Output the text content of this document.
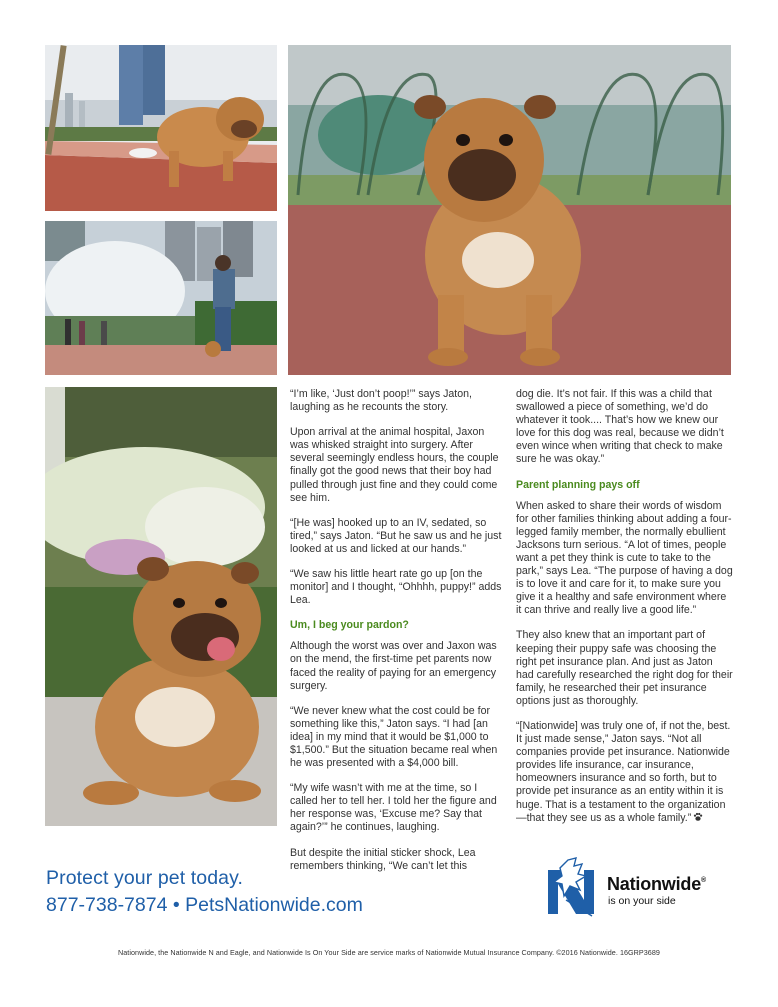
“I’m like, ‘Just don’t poop!’” says Jaton, laughing as he recounts the story.

Upon arrival at the animal hospital, Jaxon was whisked straight into surgery. After several seemingly endless hours, the couple finally got the good news that their boy had pulled through just fine and they could come see him.

“[He was] hooked up to an IV, sedated, so tired,” says Jaton. “But he saw us and he just looked at us and licked at our hands.”

“We saw his little heart rate go up [on the monitor] and I thought, “Ohhhh, puppy!” adds Lea.

Um, I beg your pardon?

Although the worst was over and Jaxon was on the mend, the first-time pet parents now faced the reality of paying for an emergency surgery.

“We never knew what the cost could be for something like this,” Jaton says. “I had [an idea] in my mind that it would be $1,000 to $1,500.” But the situation became real when he was presented with a $4,000 bill.

“My wife wasn’t with me at the time, so I called her to tell her. I told her the figure and her response was, ‘Excuse me? Say that again?’” he continues, laughing.

But despite the initial sticker shock, Lea remembers thinking, “We can’t let this

dog die. It’s not fair. If this was a child that swallowed a piece of something, we’d do whatever it took.... That’s how we knew our love for this dog was real, because we didn’t even wince when writing that check to make sure he was okay.”

Parent planning pays off

When asked to share their words of wisdom for other families thinking about adding a four-legged family member, the normally ebullient Jacksons turn serious. “A lot of times, people want a pet they think is cute to take to the park,” says Lea. “The purpose of having a dog is to love it and care for it, to make sure you give it a healthy and safe environment where it can thrive and really live a good life.”

They also knew that an important part of keeping their puppy safe was choosing the right pet insurance plan. And just as Jaton had carefully researched the right dog for their family, he researched their pet insurance options just as thoroughly.

“[Nationwide] was truly one of, if not the, best. It just made sense,” Jaton says. “Not all companies provide pet insurance. Nationwide provides life insurance, car insurance, homeowners insurance and so forth, but to provide pet insurance as an entity within it is huge. That is a testament to the organization—that they see us as a whole family.”

Protect your pet today.
877-738-7874 • PetsNationwide.com
Nationwide®
is on your side
Nationwide, the Nationwide N and Eagle, and Nationwide Is On Your Side are service marks of Nationwide Mutual Insurance Company. ©2016 Nationwide. 16GRP3689
